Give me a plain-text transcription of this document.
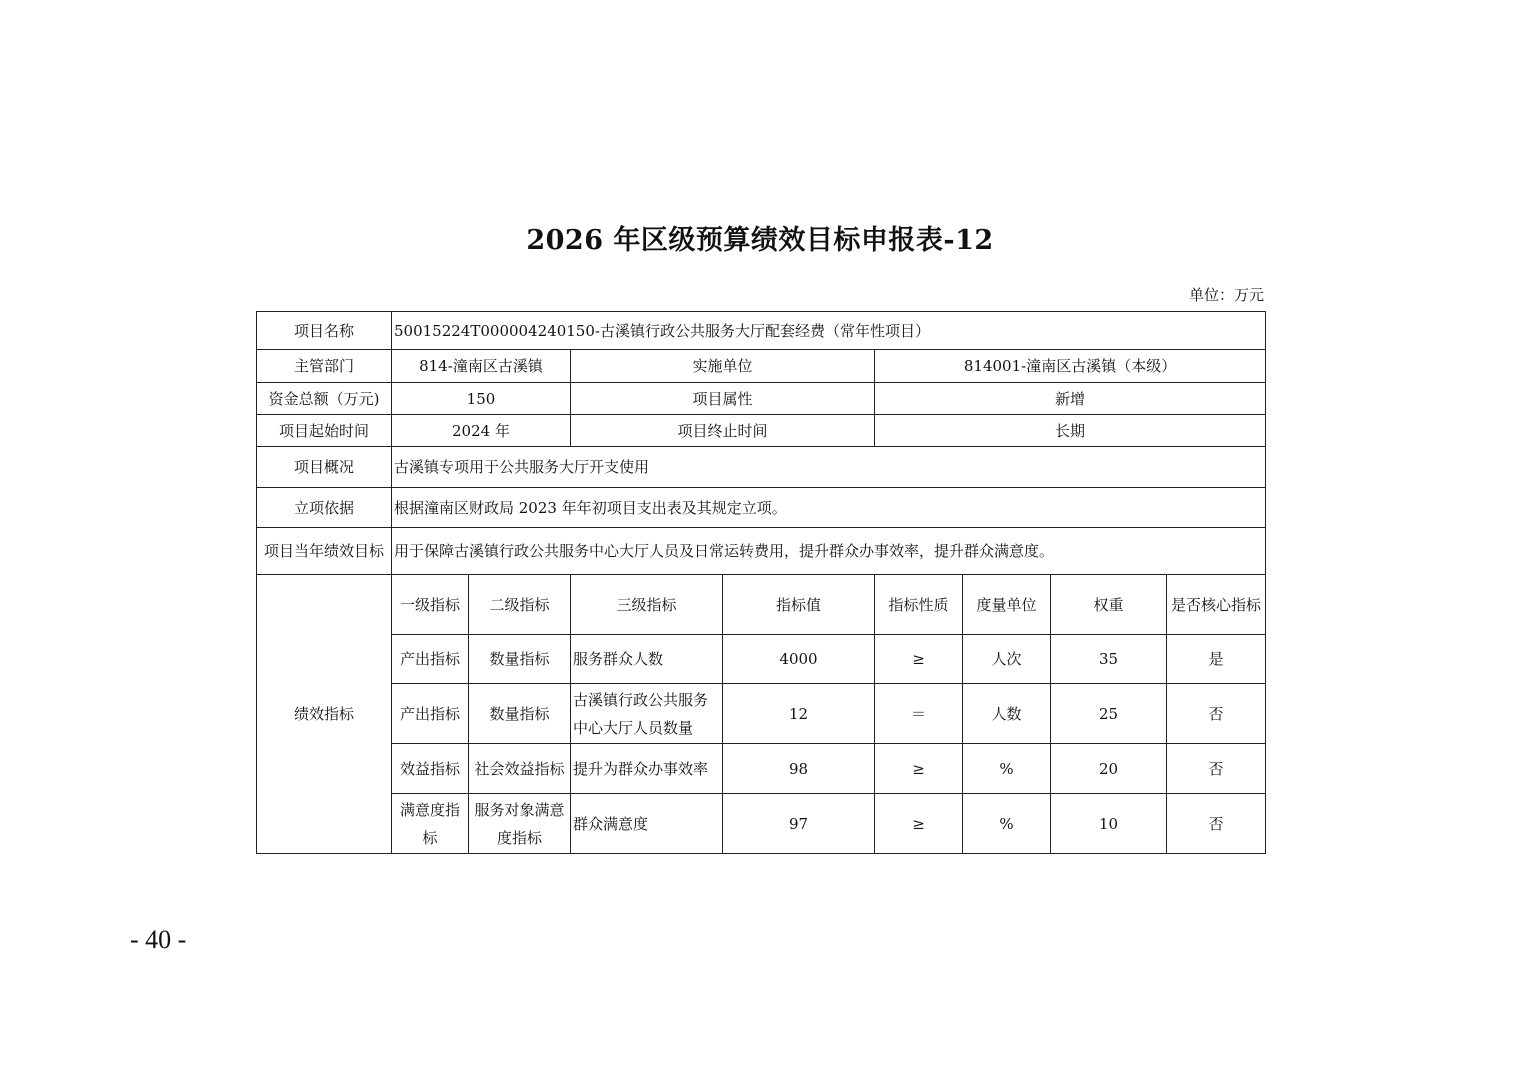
2026 年区级预算绩效目标申报表-12
单位：万元
项目名称	50015224T000004240150-古溪镇行政公共服务大厅配套经费（常年性项目）							
主管部门	814-潼南区古溪镇		实施单位		814001-潼南区古溪镇（本级）			
资金总额（万元)	150		项目属性		新增			
项目起始时间	2024 年		项目终止时间		长期			
项目概况	古溪镇专项用于公共服务大厅开支使用							
立项依据	根据潼南区财政局 2023 年年初项目支出表及其规定立项。							
项目当年绩效目标	用于保障古溪镇行政公共服务中心大厅人员及日常运转费用，提升群众办事效率，提升群众满意度。							
绩效指标	一级指标	二级指标	三级指标	指标值	指标性质	度量单位	权重	是否核心指标
	产出指标	数量指标	服务群众人数	4000	≥	人次	35	是
	产出指标	数量指标	古溪镇行政公共服务中心大厅人员数量	12	＝	人数	25	否
	效益指标	社会效益指标	提升为群众办事效率	98	≥	%	20	否
	满意度指标	服务对象满意度指标	群众满意度	97	≥	%	10	否
- 40 -
